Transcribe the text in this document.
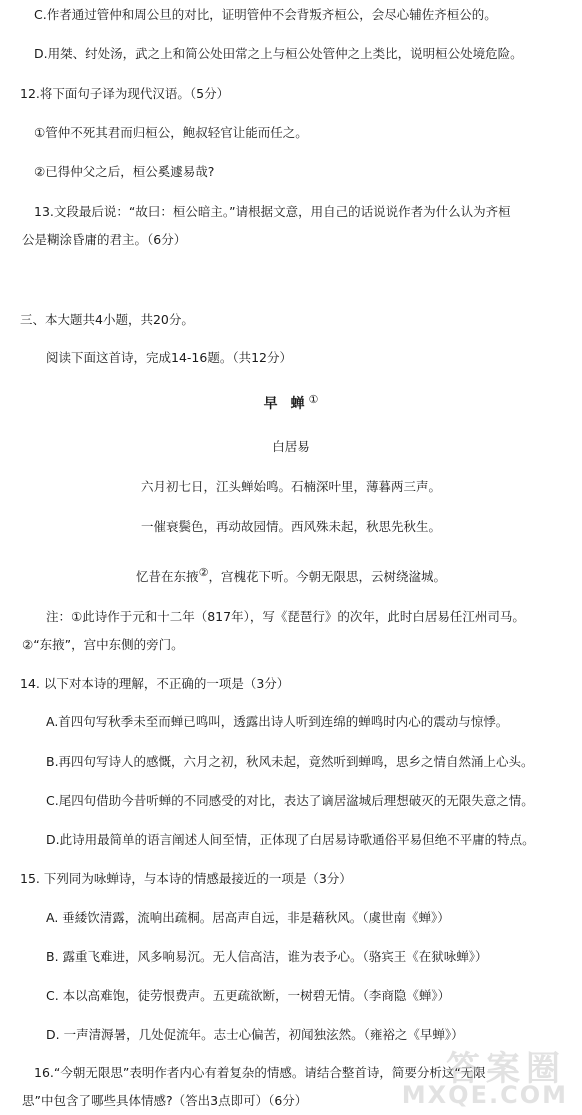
C.作者通过管仲和周公旦的对比，证明管仲不会背叛齐桓公，会尽心辅佐齐桓公的。
D.用桀、纣处汤，武之上和简公处田常之上与桓公处管仲之上类比，说明桓公处境危险。
12.将下面句子译为现代汉语。（5分）
①管仲不死其君而归桓公，鲍叔轻官让能而任之。
②已得仲父之后，桓公奚遽易哉?
13.文段最后说：“故曰：桓公暗主。”请根据文意，用自己的话说说作者为什么认为齐桓
公是糊涂昏庸的君主。（6分）
三、本大题共4小题，共20分。
阅读下面这首诗，完成14-16题。（共12分）
早 蝉①
白居易
六月初七日，江头蝉始鸣。石楠深叶里，薄暮两三声。
一催衰鬓色，再动故园情。西风殊未起，秋思先秋生。
忆昔在东掖②，宫槐花下听。今朝无限思，云树绕湓城。
注：①此诗作于元和十二年（817年），写《琵琶行》的次年，此时白居易任江州司马。
②“东掖”，宫中东侧的旁门。
14. 以下对本诗的理解，不正确的一项是（3分）
A.首四句写秋季未至而蝉已鸣叫，透露出诗人听到连绵的蝉鸣时内心的震动与惊悸。
B.再四句写诗人的感慨，六月之初，秋风未起，竟然听到蝉鸣，思乡之情自然涌上心头。
C.尾四句借助今昔听蝉的不同感受的对比，表达了谪居湓城后理想破灭的无限失意之情。
D.此诗用最简单的语言阐述人间至情，正体现了白居易诗歌通俗平易但绝不平庸的特点。
15. 下列同为咏蝉诗，与本诗的情感最接近的一项是（3分）
A. 垂緌饮清露，流响出疏桐。居高声自远，非是藉秋风。（虞世南《蝉》）
B. 露重飞难进，风多响易沉。无人信高洁，谁为表予心。（骆宾王《在狱咏蝉》）
C. 本以高难饱，徒劳恨费声。五更疏欲断，一树碧无情。（李商隐《蝉》）
D. 一声清溽暑，几处促流年。志士心偏苦，初闻独泫然。（雍裕之《早蝉》）
16.“今朝无限思”表明作者内心有着复杂的情感。请结合整首诗，简要分析这“无限
思”中包含了哪些具体情感?（答出3点即可）（6分）
答案圈
MXQE.COM
